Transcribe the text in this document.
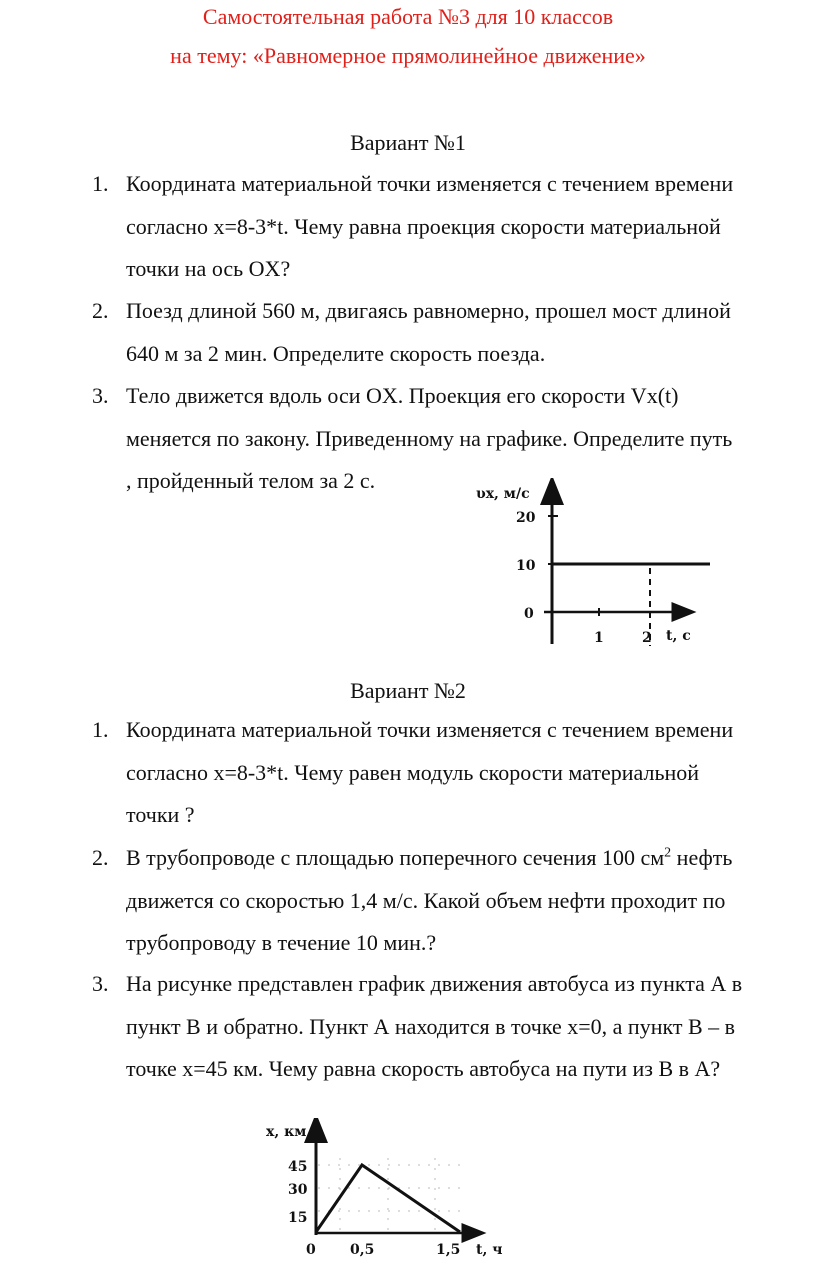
Самостоятельная работа №3 для 10 классов
на тему: «Равномерное прямолинейное движение»
Вариант №1
1. Координата материальной точки изменяется с течением времени
согласно x=8-3*t. Чему равна проекция скорости материальной
точки на ось OX?
2. Поезд длиной 560 м, двигаясь равномерно, прошел мост длиной
640 м за 2 мин. Определите скорость поезда.
3. Тело движется вдоль оси OX. Проекция его скорости Vx(t)
меняется по закону. Приведенному на графике. Определите путь
, пройденный телом за 2 с.
υx, м/с
20
10
0
1	2 t, c
Вариант №2
1. Координата материальной точки изменяется с течением времени
согласно x=8-3*t. Чему равен модуль скорости материальной
точки ?
2. В трубопроводе с площадью поперечного сечения 100 $см^2$ нефть
движется со скоростью 1,4 м/с. Какой объем нефти проходит по
трубопроводу в течение 10 мин.?
3. На рисунке представлен график движения автобуса из пункта А в
пункт В и обратно. Пункт А находится в точке x=0, а пункт В – в
точке x=45 км. Чему равна скорость автобуса на пути из В в А?
x, км
45
30
15
0 0,5	1,5 t, ч
